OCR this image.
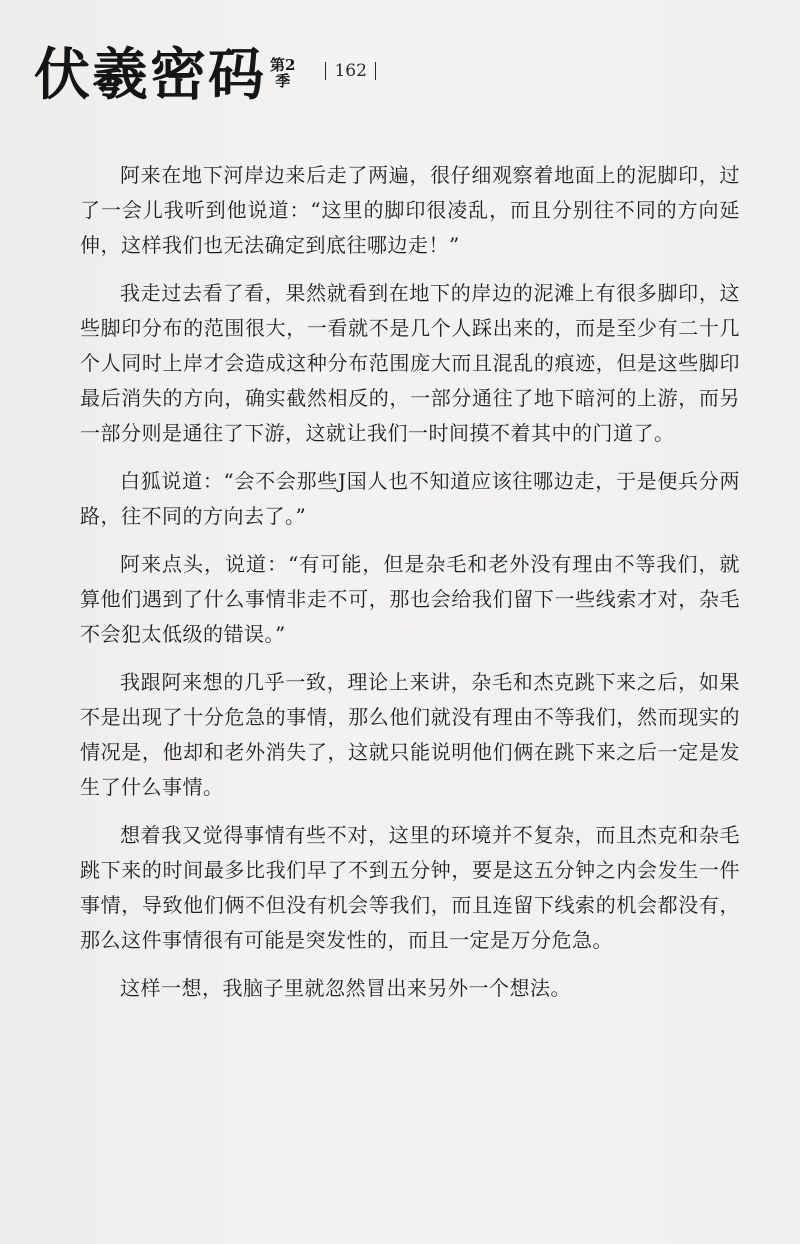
伏羲密码 第2
季	162

阿来在地下河岸边来后走了两遍，很仔细观察着地面上的泥脚印，过了一会儿我听到他说道：“这里的脚印很凌乱，而且分别往不同的方向延伸，这样我们也无法确定到底往哪边走！”

我走过去看了看，果然就看到在地下的岸边的泥滩上有很多脚印，这些脚印分布的范围很大，一看就不是几个人踩出来的，而是至少有二十几个人同时上岸才会造成这种分布范围庞大而且混乱的痕迹，但是这些脚印最后消失的方向，确实截然相反的，一部分通往了地下暗河的上游，而另一部分则是通往了下游，这就让我们一时间摸不着其中的门道了。

白狐说道：“会不会那些J国人也不知道应该往哪边走，于是便兵分两路，往不同的方向去了。”

阿来点头，说道：“有可能，但是杂毛和老外没有理由不等我们，就算他们遇到了什么事情非走不可，那也会给我们留下一些线索才对，杂毛不会犯太低级的错误。”

我跟阿来想的几乎一致，理论上来讲，杂毛和杰克跳下来之后，如果不是出现了十分危急的事情，那么他们就没有理由不等我们，然而现实的情况是，他却和老外消失了，这就只能说明他们俩在跳下来之后一定是发生了什么事情。

想着我又觉得事情有些不对，这里的环境并不复杂，而且杰克和杂毛跳下来的时间最多比我们早了不到五分钟，要是这五分钟之内会发生一件事情，导致他们俩不但没有机会等我们，而且连留下线索的机会都没有，那么这件事情很有可能是突发性的，而且一定是万分危急。

这样一想，我脑子里就忽然冒出来另外一个想法。
